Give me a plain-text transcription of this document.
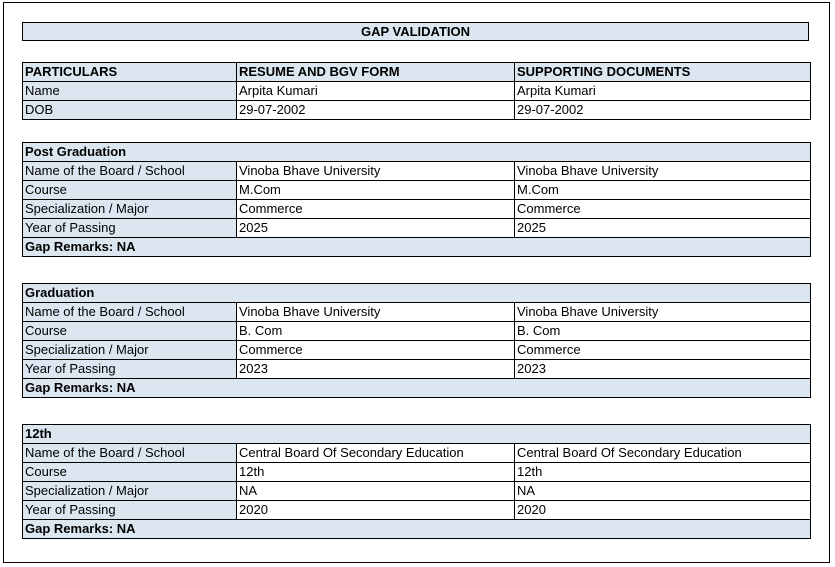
GAP VALIDATION
PARTICULARS	RESUME AND BGV FORM	SUPPORTING DOCUMENTS
Name	Arpita Kumari	Arpita Kumari
DOB	29-07-2002	29-07-2002
Post Graduation		
Name of the Board / School	Vinoba Bhave University	Vinoba Bhave University
Course	M.Com	M.Com
Specialization / Major	Commerce	Commerce
Year of Passing	2025	2025
Gap Remarks: NA		
Graduation		
Name of the Board / School	Vinoba Bhave University	Vinoba Bhave University
Course	B. Com	B. Com
Specialization / Major	Commerce	Commerce
Year of Passing	2023	2023
Gap Remarks: NA		
12th		
Name of the Board / School	Central Board Of Secondary Education	Central Board Of Secondary Education
Course	12th	12th
Specialization / Major	NA	NA
Year of Passing	2020	2020
Gap Remarks: NA		
